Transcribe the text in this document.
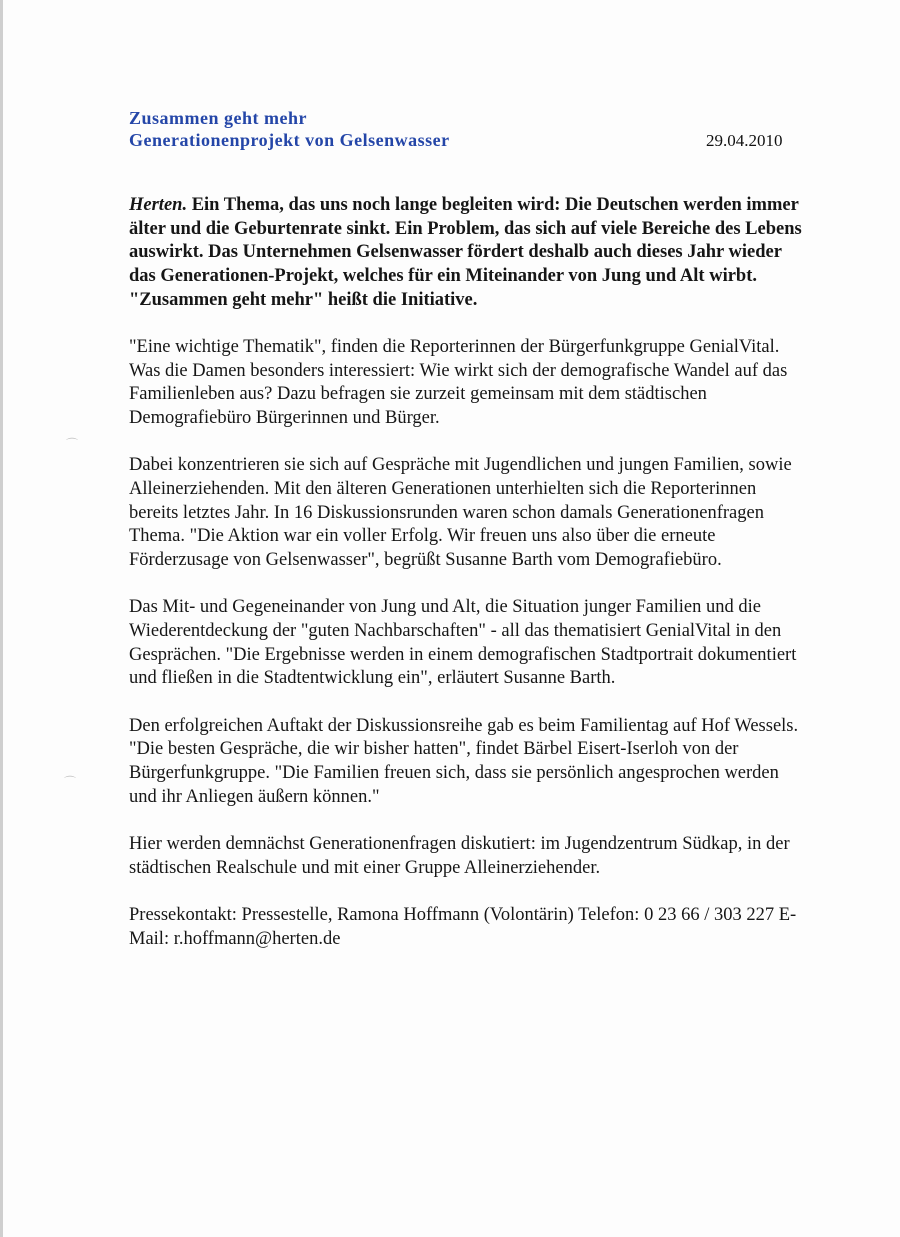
Zusammen geht mehr
Generationenprojekt von Gelsenwasser	29.04.2010

Herten. Ein Thema, das uns noch lange begleiten wird: Die Deutschen werden immer älter und die Geburtenrate sinkt. Ein Problem, das sich auf viele Bereiche des Lebens auswirkt. Das Unternehmen Gelsenwasser fördert deshalb auch dieses Jahr wieder das Generationen-Projekt, welches für ein Miteinander von Jung und Alt wirbt. "Zusammen geht mehr" heißt die Initiative.

"Eine wichtige Thematik", finden die Reporterinnen der Bürgerfunkgruppe GenialVital. Was die Damen besonders interessiert: Wie wirkt sich der demografische Wandel auf das Familienleben aus? Dazu befragen sie zurzeit gemeinsam mit dem städtischen Demografiebüro Bürgerinnen und Bürger.

Dabei konzentrieren sie sich auf Gespräche mit Jugendlichen und jungen Familien, sowie Alleinerziehenden. Mit den älteren Generationen unterhielten sich die Reporterinnen bereits letztes Jahr. In 16 Diskussionsrunden waren schon damals Generationenfragen Thema. "Die Aktion war ein voller Erfolg. Wir freuen uns also über die erneute Förderzusage von Gelsenwasser", begrüßt Susanne Barth vom Demografiebüro.

Das Mit- und Gegeneinander von Jung und Alt, die Situation junger Familien und die Wiederentdeckung der "guten Nachbarschaften" - all das thematisiert GenialVital in den Gesprächen. "Die Ergebnisse werden in einem demografischen Stadtportrait dokumentiert und fließen in die Stadtentwicklung ein", erläutert Susanne Barth.

Den erfolgreichen Auftakt der Diskussionsreihe gab es beim Familientag auf Hof Wessels. "Die besten Gespräche, die wir bisher hatten", findet Bärbel Eisert-Iserloh von der Bürgerfunkgruppe. "Die Familien freuen sich, dass sie persönlich angesprochen werden und ihr Anliegen äußern können."

Hier werden demnächst Generationenfragen diskutiert: im Jugendzentrum Südkap, in der städtischen Realschule und mit einer Gruppe Alleinerziehender.

Pressekontakt: Pressestelle, Ramona Hoffmann (Volontärin) Telefon: 0 23 66 / 303 227 E-Mail: r.hoffmann@herten.de

⌒
⌒
